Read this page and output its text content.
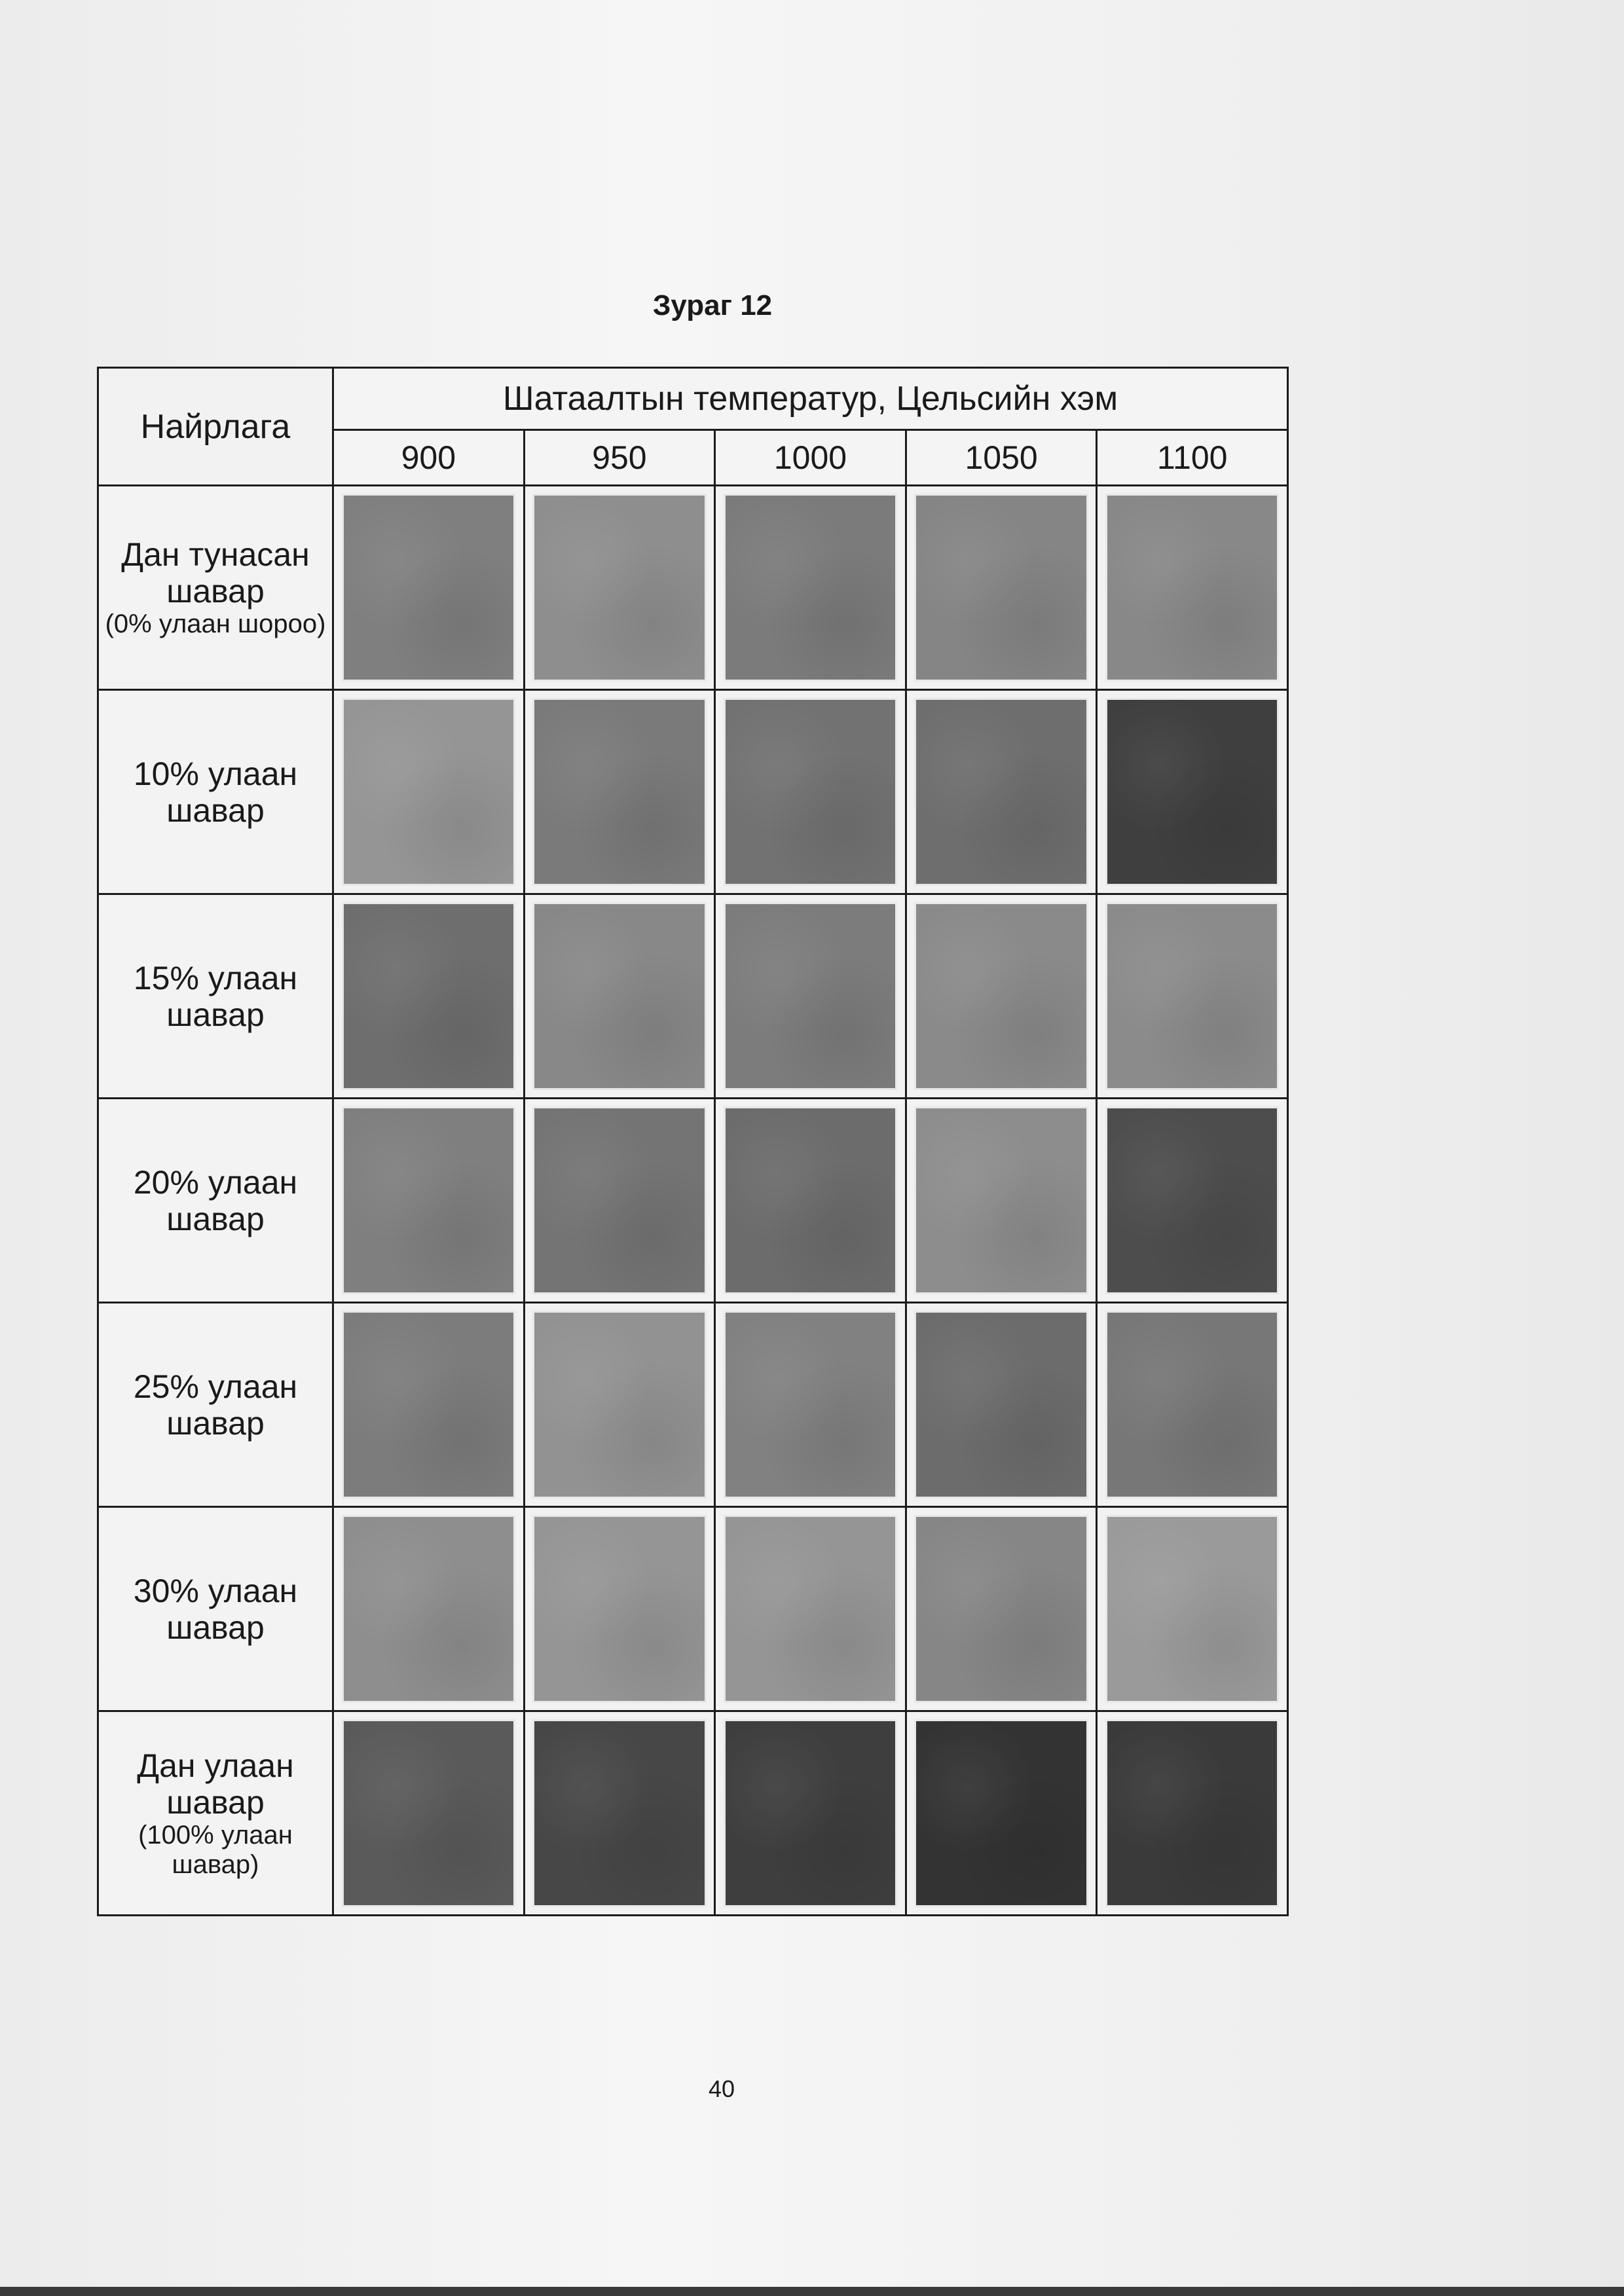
Зураг 12
Найрлага	Шатаалтын температур, Цельсийн хэм				
	900	950	1000	1050	1100

Дан тунасан шавар
(0% улаан шороо)					

10% улаан шавар					

15% улаан шавар					

20% улаан шавар					

25% улаан шавар					

30% улаан шавар					

Дан улаан шавар
(100% улаан шавар)					

40
